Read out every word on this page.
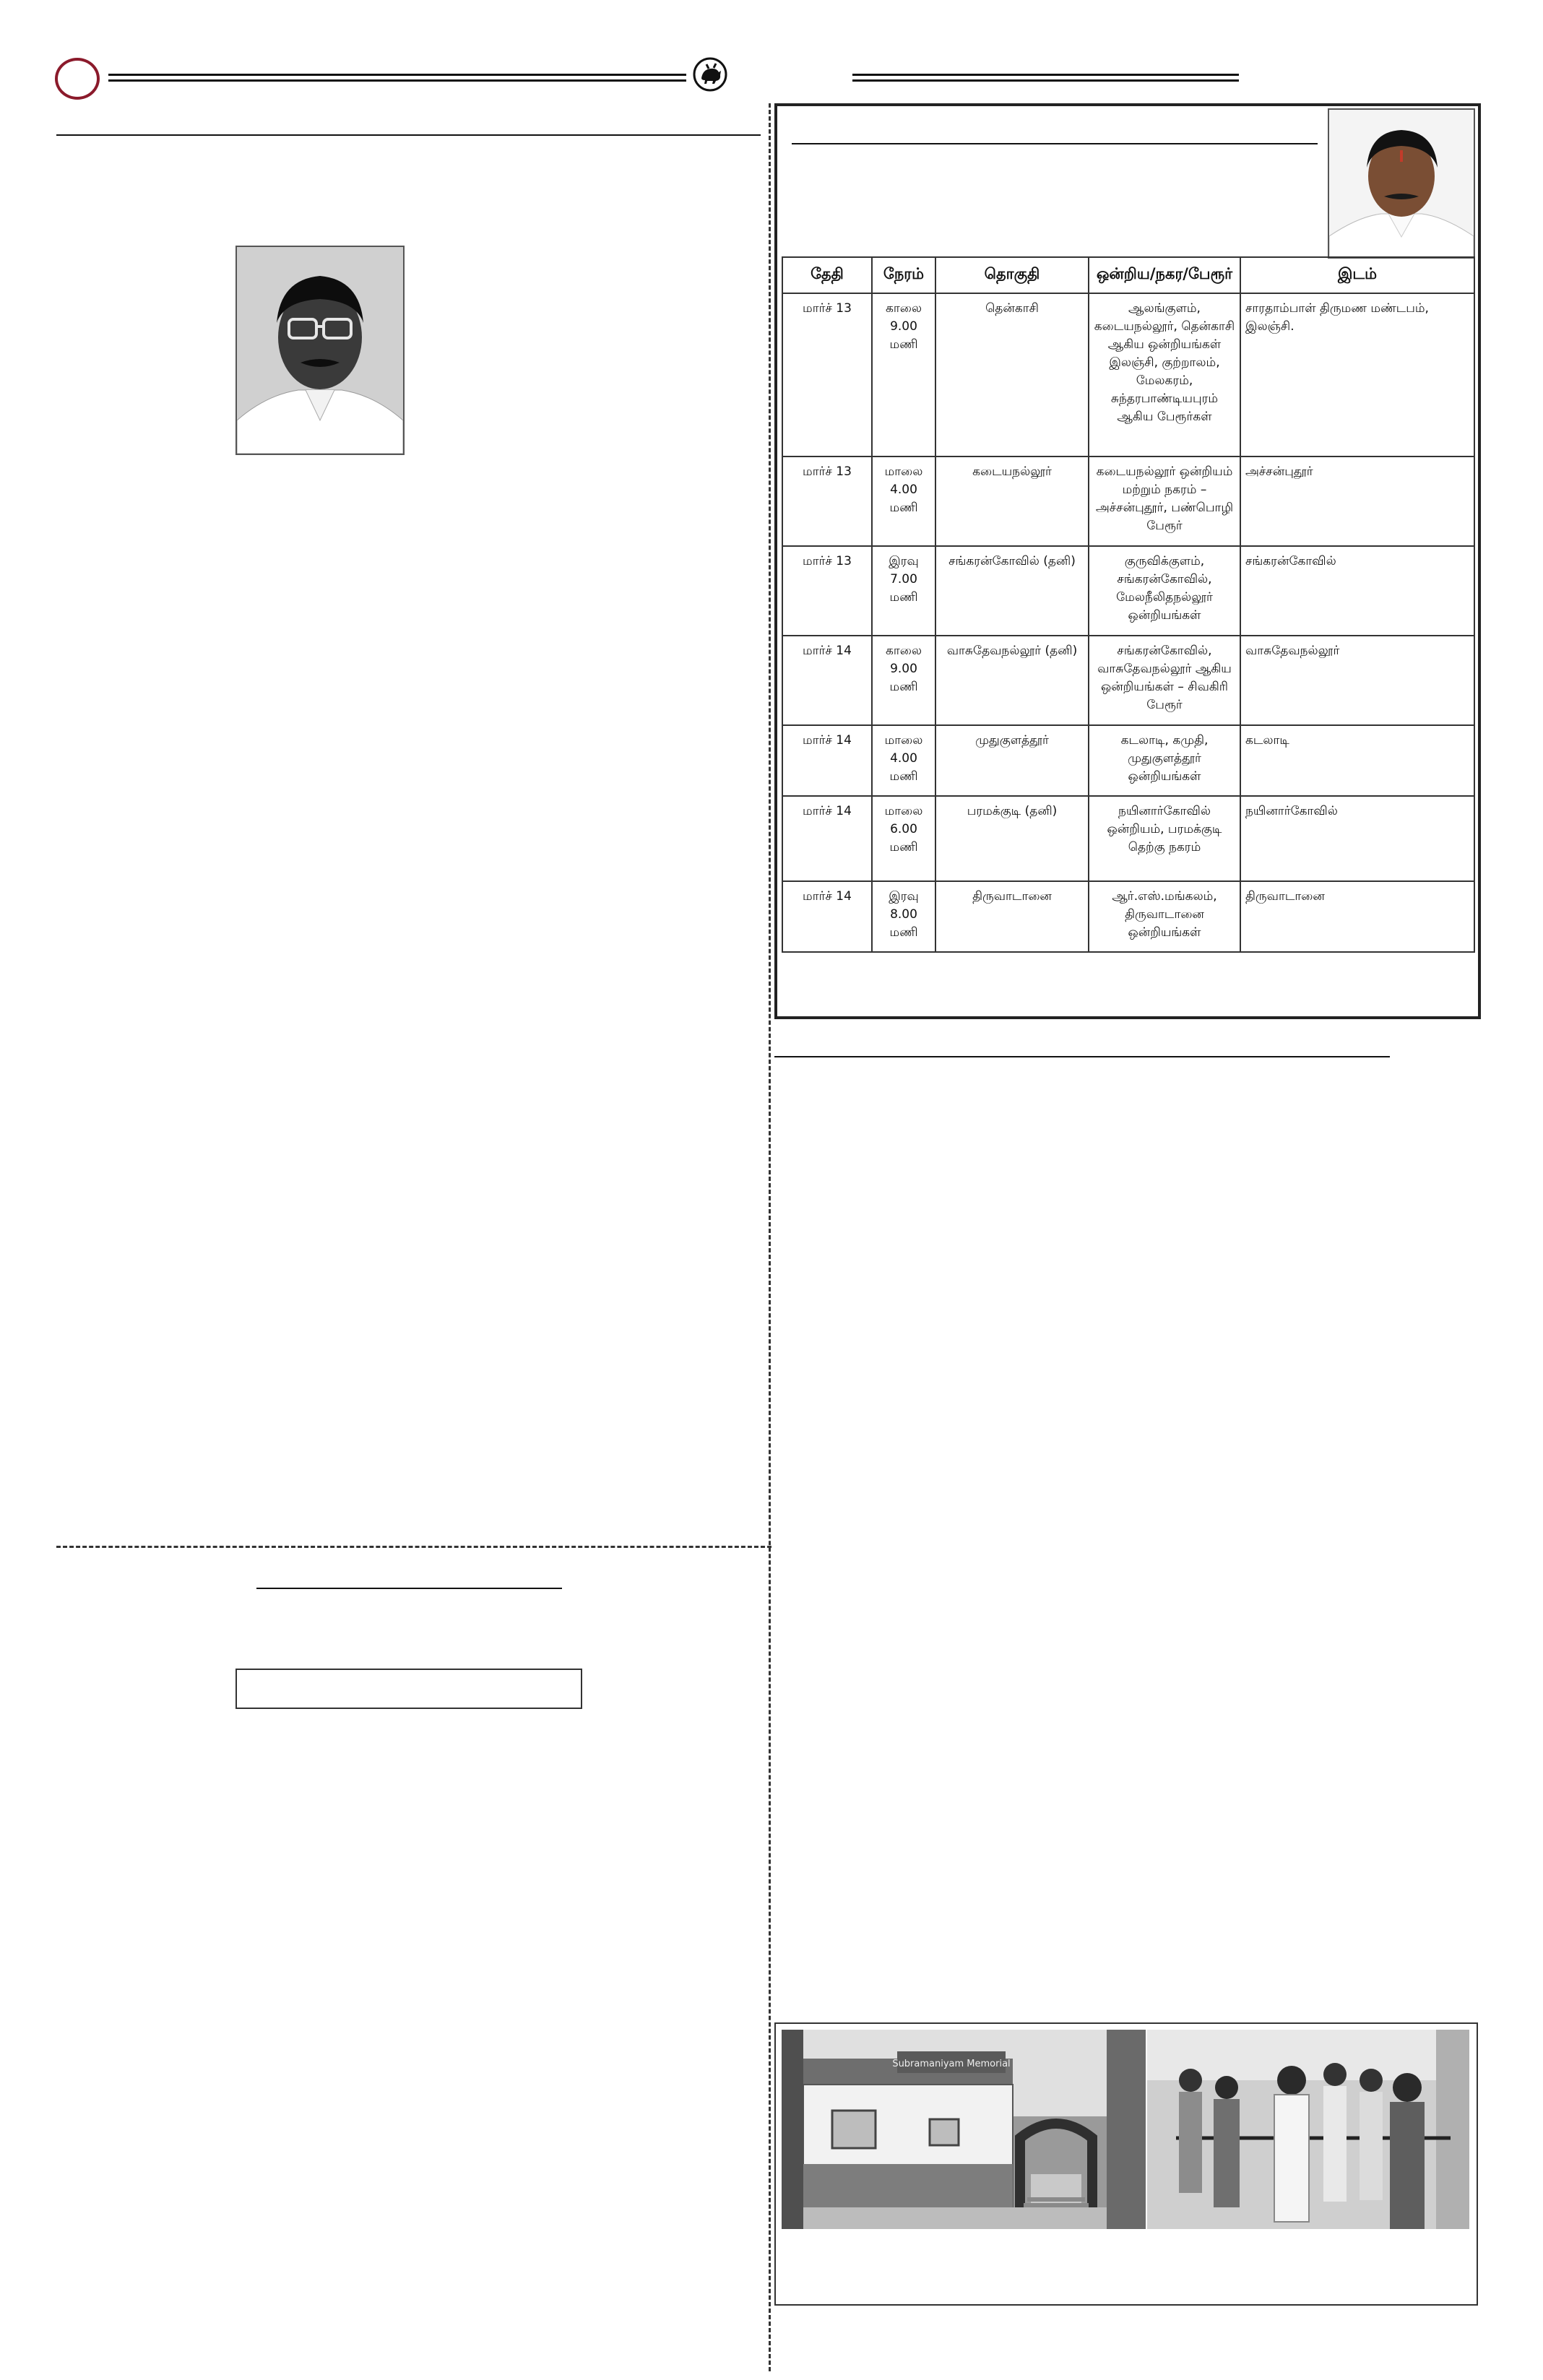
தேதி	நேரம்	தொகுதி	ஒன்றிய/நகர/பேரூர்	இடம்
மார்ச் 13	காலை 9.00 மணி	தென்காசி	ஆலங்குளம், கடையநல்லூர், தென்காசி ஆகிய ஒன்றியங்கள் இலஞ்சி, குற்றாலம், மேலகரம், சுந்தரபாண்டியபுரம் ஆகிய பேரூர்கள்	சாரதாம்பாள் திருமண மண்டபம், இலஞ்சி.
மார்ச் 13	மாலை 4.00 மணி	கடையநல்லூர்	கடையநல்லூர் ஒன்றியம் மற்றும் நகரம் – அச்சன்புதூர், பண்பொழி பேரூர்	அச்சன்புதூர்
மார்ச் 13	இரவு 7.00 மணி	சங்கரன்கோவில் (தனி)	குருவிக்குளம், சங்கரன்கோவில், மேலநீலிதநல்லூர் ஒன்றியங்கள்	சங்கரன்கோவில்
மார்ச் 14	காலை 9.00 மணி	வாசுதேவநல்லூர் (தனி)	சங்கரன்கோவில், வாசுதேவநல்லூர் ஆகிய ஒன்றியங்கள் – சிவகிரி பேரூர்	வாசுதேவநல்லூர்
மார்ச் 14	மாலை 4.00 மணி	முதுகுளத்தூர்	கடலாடி, கமுதி, முதுகுளத்தூர் ஒன்றியங்கள்	கடலாடி
மார்ச் 14	மாலை 6.00 மணி	பரமக்குடி (தனி)	நயினார்கோவில் ஒன்றியம், பரமக்குடி தெற்கு நகரம்	நயினார்கோவில்
மார்ச் 14	இரவு 8.00 மணி	திருவாடானை	ஆர்.எஸ்.மங்கலம், திருவாடானை ஒன்றியங்கள்	திருவாடானை
Subramaniyam Memorial
